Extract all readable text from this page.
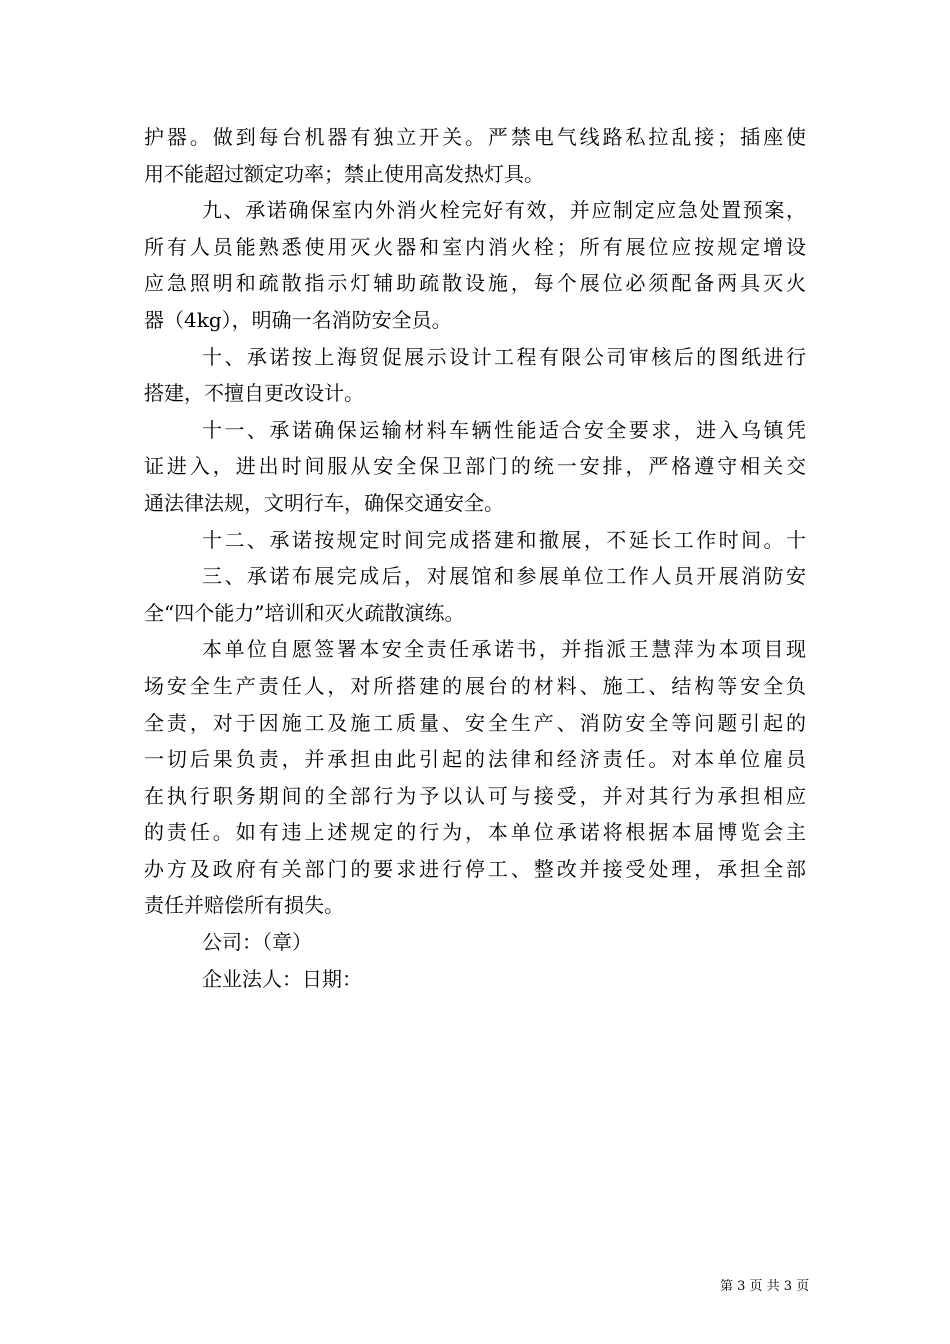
护器。做到每台机器有独立开关。严禁电气线路私拉乱接；插座使
用不能超过额定功率；禁止使用高发热灯具。
九、承诺确保室内外消火栓完好有效，并应制定应急处置预案，
所有人员能熟悉使用灭火器和室内消火栓；所有展位应按规定增设
应急照明和疏散指示灯辅助疏散设施，每个展位必须配备两具灭火
器（4kg），明确一名消防安全员。
十、承诺按上海贸促展示设计工程有限公司审核后的图纸进行
搭建，不擅自更改设计。
十一、承诺确保运输材料车辆性能适合安全要求，进入乌镇凭
证进入，进出时间服从安全保卫部门的统一安排，严格遵守相关交
通法律法规，文明行车，确保交通安全。
十二、承诺按规定时间完成搭建和撤展，不延长工作时间。十
三、承诺布展完成后，对展馆和参展单位工作人员开展消防安
全“四个能力”培训和灭火疏散演练。
本单位自愿签署本安全责任承诺书，并指派王慧萍为本项目现
场安全生产责任人，对所搭建的展台的材料、施工、结构等安全负
全责，对于因施工及施工质量、安全生产、消防安全等问题引起的
一切后果负责，并承担由此引起的法律和经济责任。对本单位雇员
在执行职务期间的全部行为予以认可与接受，并对其行为承担相应
的责任。如有违上述规定的行为，本单位承诺将根据本届博览会主
办方及政府有关部门的要求进行停工、整改并接受处理，承担全部
责任并赔偿所有损失。
公司：（章）
企业法人：日期：
第 3 页 共 3 页
